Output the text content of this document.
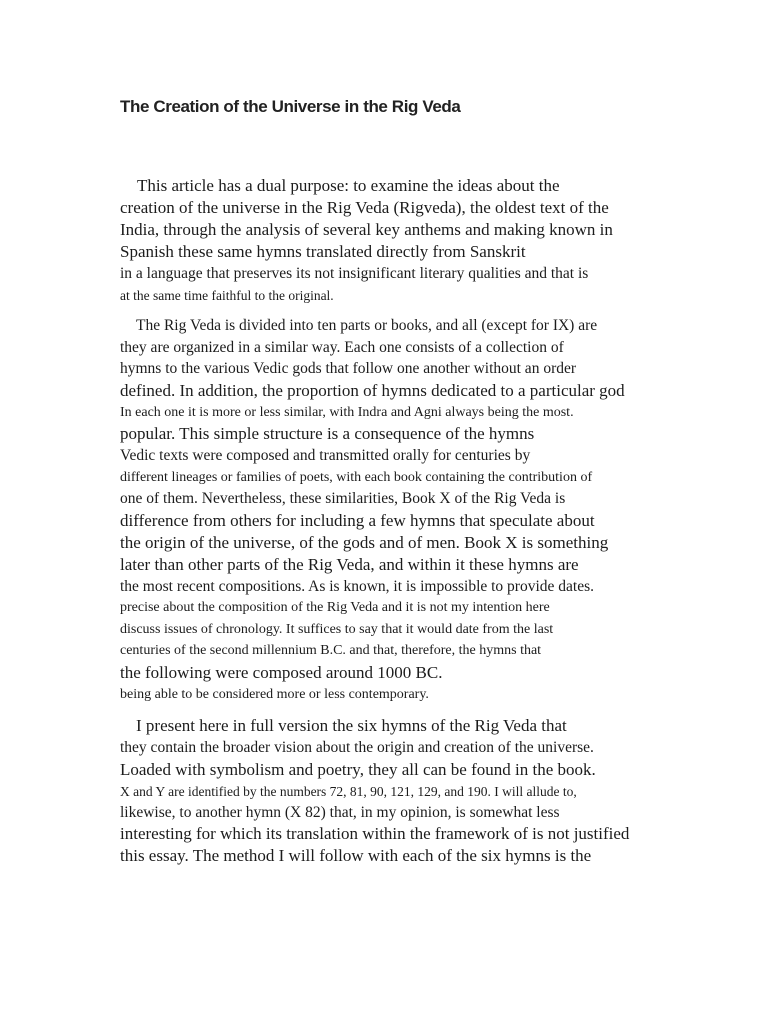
The Creation of the Universe in the Rig Veda
This article has a dual purpose: to examine the ideas about the
creation of the universe in the Rig Veda (Rigveda), the oldest text of the
India, through the analysis of several key anthems and making known in
Spanish these same hymns translated directly from Sanskrit
in a language that preserves its not insignificant literary qualities and that is
at the same time faithful to the original.
The Rig Veda is divided into ten parts or books, and all (except for IX) are
they are organized in a similar way. Each one consists of a collection of
hymns to the various Vedic gods that follow one another without an order
defined. In addition, the proportion of hymns dedicated to a particular god
In each one it is more or less similar, with Indra and Agni always being the most.
popular. This simple structure is a consequence of the hymns
Vedic texts were composed and transmitted orally for centuries by
different lineages or families of poets, with each book containing the contribution of
one of them. Nevertheless, these similarities, Book X of the Rig Veda is
difference from others for including a few hymns that speculate about
the origin of the universe, of the gods and of men. Book X is something
later than other parts of the Rig Veda, and within it these hymns are
the most recent compositions. As is known, it is impossible to provide dates.
precise about the composition of the Rig Veda and it is not my intention here
discuss issues of chronology. It suffices to say that it would date from the last
centuries of the second millennium B.C. and that, therefore, the hymns that
the following were composed around 1000 BC.
being able to be considered more or less contemporary.
I present here in full version the six hymns of the Rig Veda that
they contain the broader vision about the origin and creation of the universe.
Loaded with symbolism and poetry, they all can be found in the book.
X and Y are identified by the numbers 72, 81, 90, 121, 129, and 190. I will allude to,
likewise, to another hymn (X 82) that, in my opinion, is somewhat less
interesting for which its translation within the framework of is not justified
this essay. The method I will follow with each of the six hymns is the
